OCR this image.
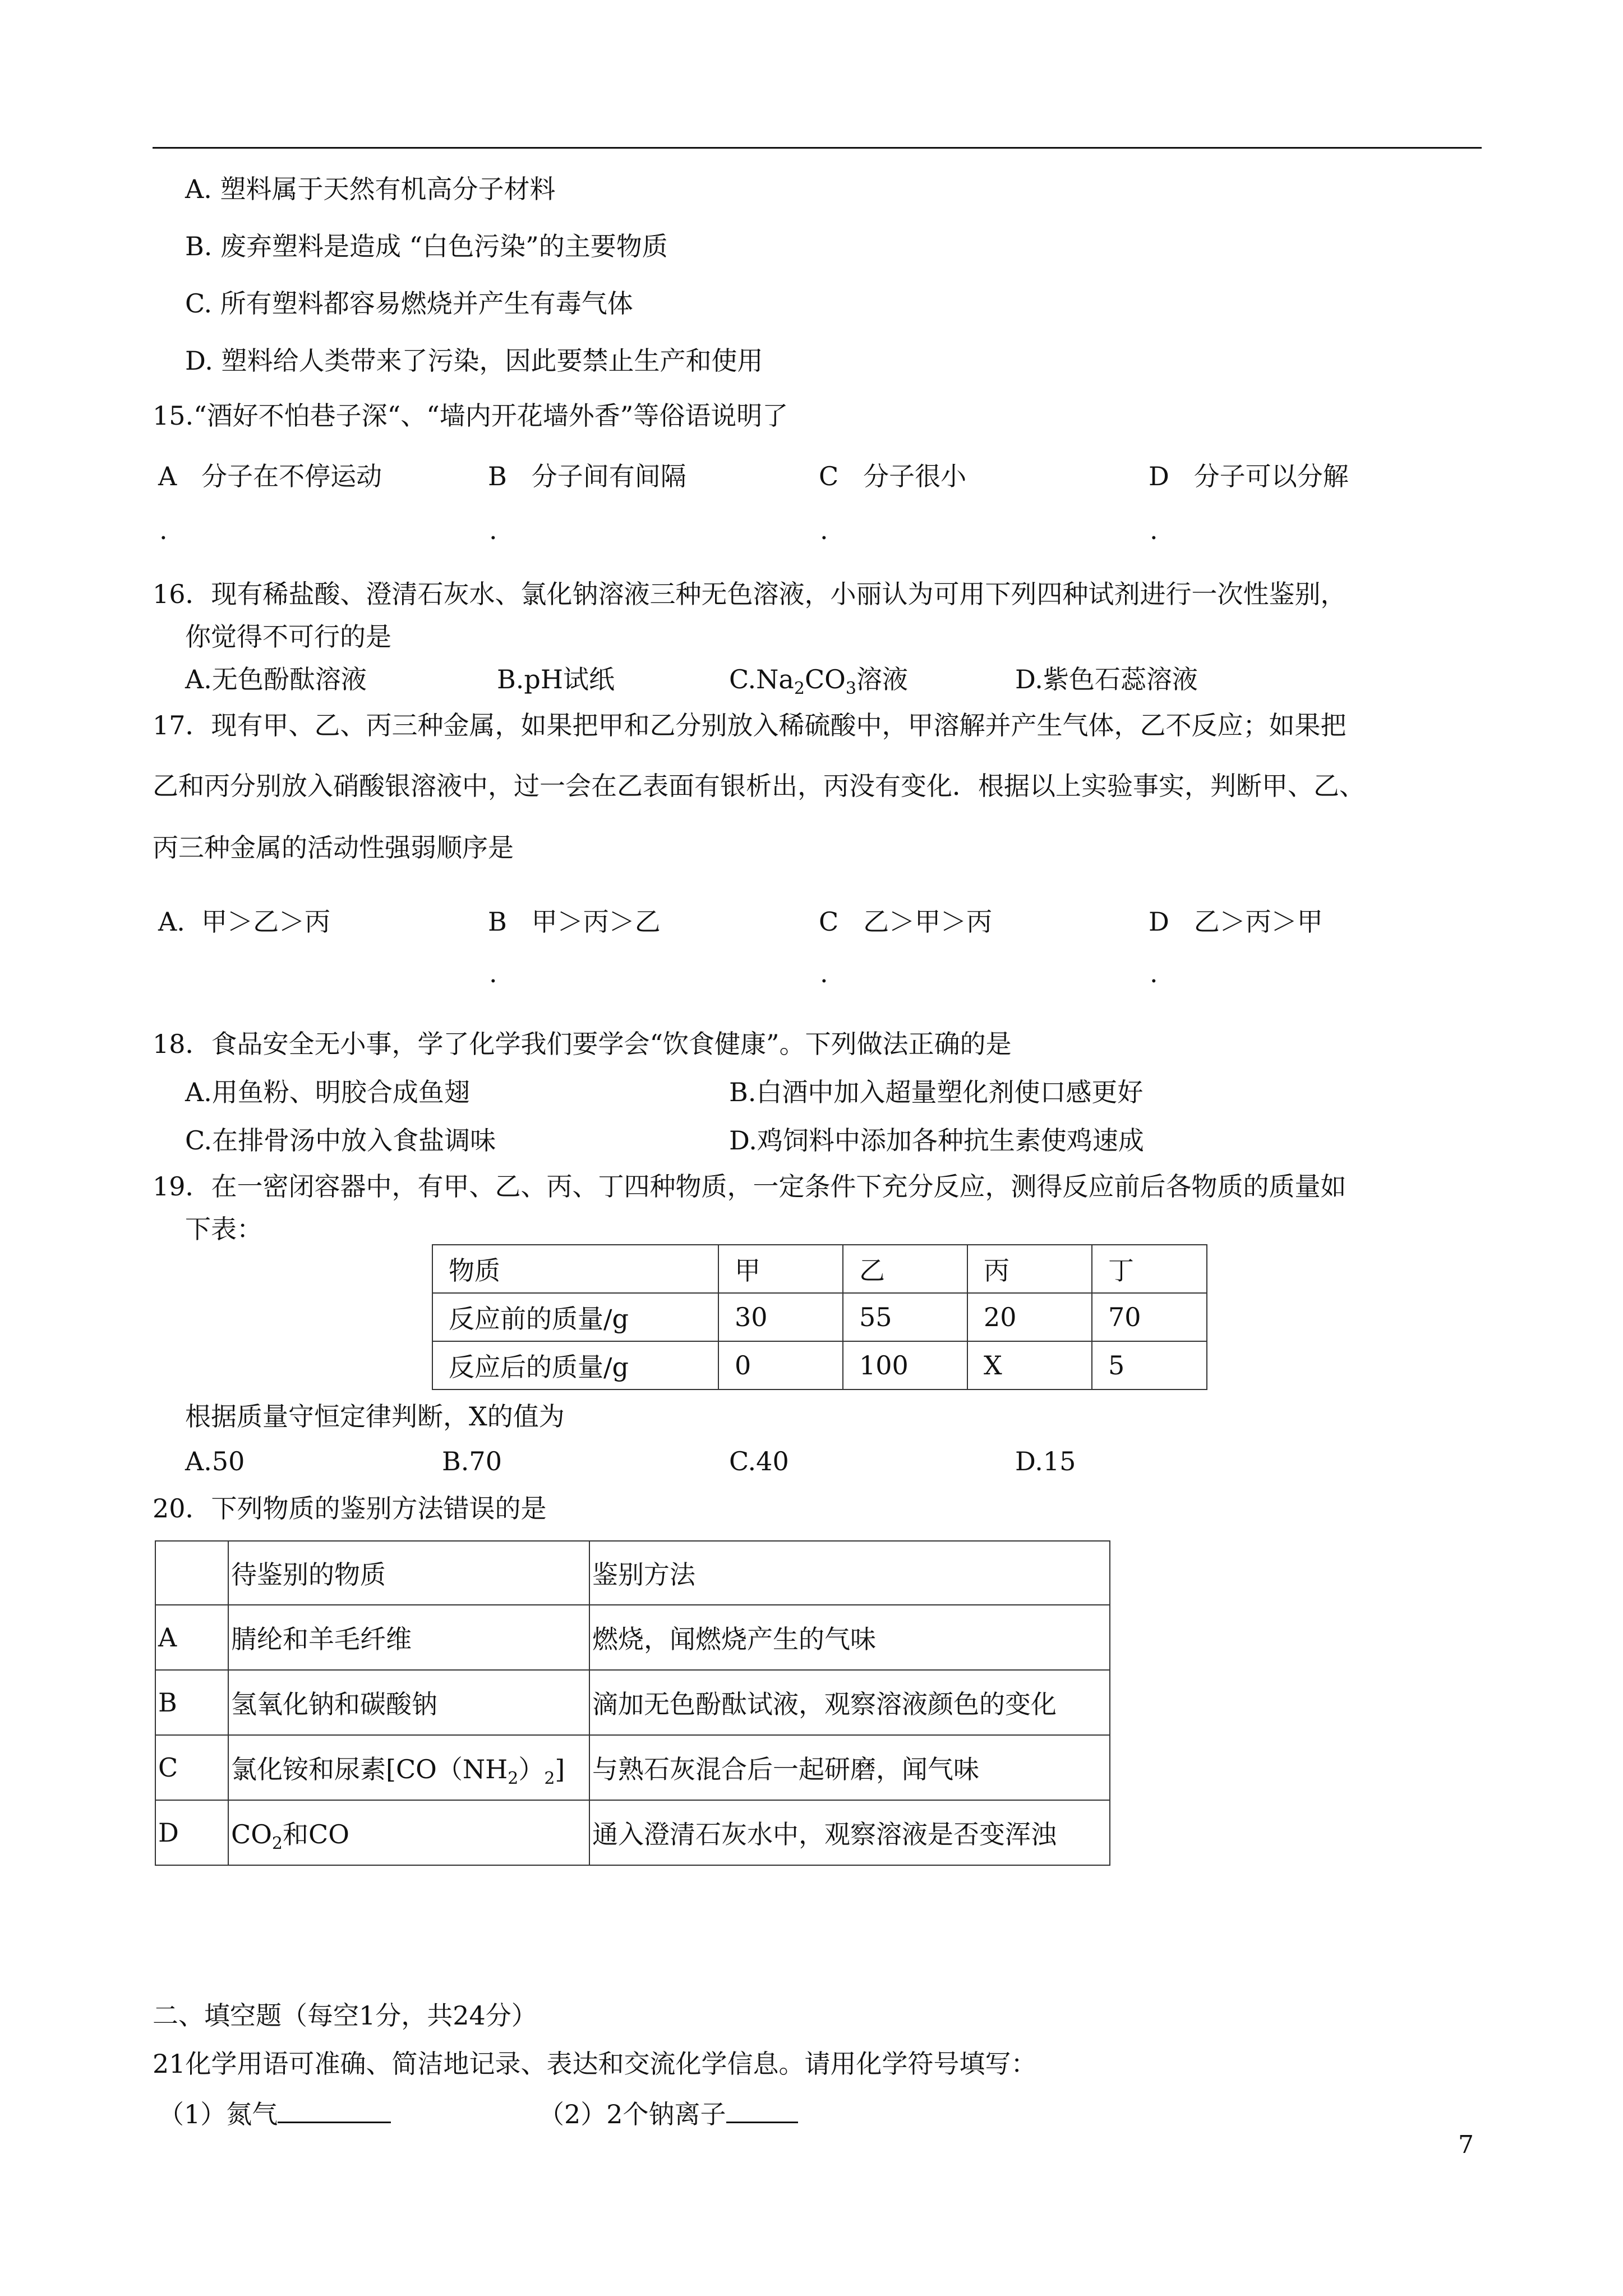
A. 塑料属于天然有机高分子材料
B. 废弃塑料是造成 “白色污染”的主要物质
C. 所有塑料都容易燃烧并产生有毒气体
D. 塑料给人类带来了污染，因此要禁止生产和使用
15.“酒好不怕巷子深“、“墙内开花墙外香”等俗语说明了
A 分子在不停运动	B 分子间有间隔	C 分子很小	D 分子可以分解
.	.	.	.
16．现有稀盐酸、澄清石灰水、氯化钠溶液三种无色溶液，小丽认为可用下列四种试剂进行一次性鉴别，
你觉得不可行的是
A.无色酚酞溶液	B.pH试纸	$C.Na_2CO_3$溶液	D.紫色石蕊溶液
17．现有甲、乙、丙三种金属，如果把甲和乙分别放入稀硫酸中，甲溶解并产生气体，乙不反应；如果把
乙和丙分别放入硝酸银溶液中，过一会在乙表面有银析出，丙没有变化．根据以上实验事实，判断甲、乙、
丙三种金属的活动性强弱顺序是
A. 甲＞乙＞丙	B 甲＞丙＞乙	C 乙＞甲＞丙	D 乙＞丙＞甲
.	.	.
18．食品安全无小事，学了化学我们要学会“饮食健康”。下列做法正确的是
A.用鱼粉、明胶合成鱼翅	B.白酒中加入超量塑化剂使口感更好
C.在排骨汤中放入食盐调味	D.鸡饲料中添加各种抗生素使鸡速成
19．在一密闭容器中，有甲、乙、丙、丁四种物质，一定条件下充分反应，测得反应前后各物质的质量如
下表：
物质	甲	乙	丙	丁
反应前的质量/g	30	55	20	70
反应后的质量/g	0	100	X	5
根据质量守恒定律判断，X的值为
A.50	B.70	C.40	D.15
20．下列物质的鉴别方法错误的是
	待鉴别的物质	鉴别方法
A	腈纶和羊毛纤维	燃烧，闻燃烧产生的气味
B	氢氧化钠和碳酸钠	滴加无色酚酞试液，观察溶液颜色的变化
C	氯化铵和尿素$[CO(NH_2)_2]$	与熟石灰混合后一起研磨，闻气味
D	$CO_2$和CO	通入澄清石灰水中，观察溶液是否变浑浊
二、填空题（每空1分，共24分）
21化学用语可准确、简洁地记录、表达和交流化学信息。请用化学符号填写：
（1）氮气	（2）2个钠离子
7
